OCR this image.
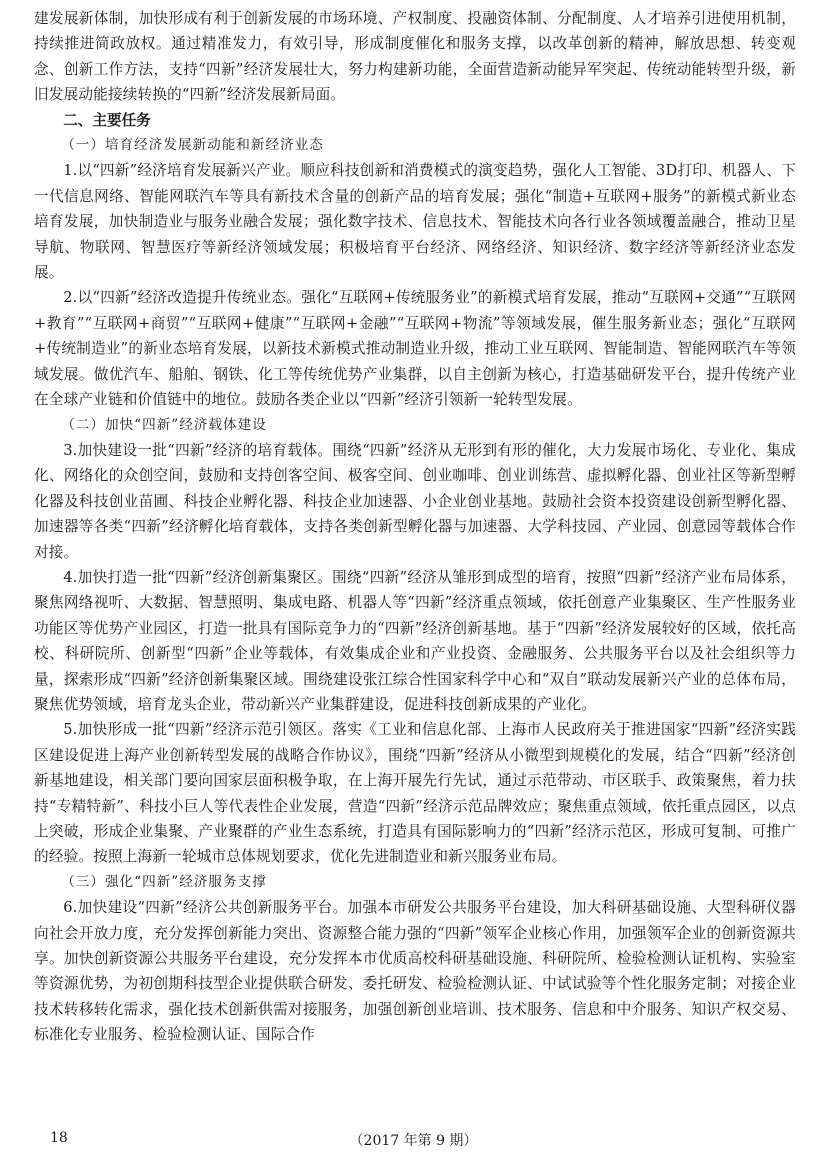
建发展新体制，加快形成有利于创新发展的市场环境、产权制度、投融资体制、分配制度、人才培养引进使用机制，持续推进简政放权。通过精准发力，有效引导，形成制度催化和服务支撑，以改革创新的精神，解放思想、转变观念、创新工作方法，支持“四新”经济发展壮大，努力构建新功能，全面营造新动能异军突起、传统动能转型升级，新旧发展动能接续转换的“四新”经济发展新局面。

二、主要任务

（一）培育经济发展新动能和新经济业态

1.以“四新”经济培育发展新兴产业。顺应科技创新和消费模式的演变趋势，强化人工智能、3D打印、机器人、下一代信息网络、智能网联汽车等具有新技术含量的创新产品的培育发展；强化“制造+互联网+服务”的新模式新业态培育发展，加快制造业与服务业融合发展；强化数字技术、信息技术、智能技术向各行业各领域覆盖融合，推动卫星导航、物联网、智慧医疗等新经济领域发展；积极培育平台经济、网络经济、知识经济、数字经济等新经济业态发展。

2.以“四新”经济改造提升传统业态。强化“互联网+传统服务业”的新模式培育发展，推动“互联网+交通”“互联网+教育”“互联网+商贸”“互联网+健康”“互联网+金融”“互联网+物流”等领域发展，催生服务新业态；强化“互联网+传统制造业”的新业态培育发展，以新技术新模式推动制造业升级，推动工业互联网、智能制造、智能网联汽车等领域发展。做优汽车、船舶、钢铁、化工等传统优势产业集群，以自主创新为核心，打造基础研发平台，提升传统产业在全球产业链和价值链中的地位。鼓励各类企业以“四新”经济引领新一轮转型发展。

（二）加快“四新”经济载体建设

3.加快建设一批“四新”经济的培育载体。围绕“四新”经济从无形到有形的催化，大力发展市场化、专业化、集成化、网络化的众创空间，鼓励和支持创客空间、极客空间、创业咖啡、创业训练营、虚拟孵化器、创业社区等新型孵化器及科技创业苗圃、科技企业孵化器、科技企业加速器、小企业创业基地。鼓励社会资本投资建设创新型孵化器、加速器等各类“四新”经济孵化培育载体，支持各类创新型孵化器与加速器、大学科技园、产业园、创意园等载体合作对接。

4.加快打造一批“四新”经济创新集聚区。围绕“四新”经济从雏形到成型的培育，按照“四新”经济产业布局体系，聚焦网络视听、大数据、智慧照明、集成电路、机器人等“四新”经济重点领域，依托创意产业集聚区、生产性服务业功能区等优势产业园区，打造一批具有国际竞争力的“四新”经济创新基地。基于“四新”经济发展较好的区域，依托高校、科研院所、创新型“四新”企业等载体，有效集成企业和产业投资、金融服务、公共服务平台以及社会组织等力量，探索形成“四新”经济创新集聚区域。围绕建设张江综合性国家科学中心和“双自”联动发展新兴产业的总体布局，聚焦优势领域，培育龙头企业，带动新兴产业集群建设，促进科技创新成果的产业化。

5.加快形成一批“四新”经济示范引领区。落实《工业和信息化部、上海市人民政府关于推进国家“四新”经济实践区建设促进上海产业创新转型发展的战略合作协议》，围绕“四新”经济从小微型到规模化的发展，结合“四新”经济创新基地建设，相关部门要向国家层面积极争取，在上海开展先行先试，通过示范带动、市区联手、政策聚焦，着力扶持“专精特新”、科技小巨人等代表性企业发展，营造“四新”经济示范品牌效应；聚焦重点领域，依托重点园区，以点上突破，形成企业集聚、产业聚群的产业生态系统，打造具有国际影响力的“四新”经济示范区，形成可复制、可推广的经验。按照上海新一轮城市总体规划要求，优化先进制造业和新兴服务业布局。

（三）强化“四新”经济服务支撑

6.加快建设“四新”经济公共创新服务平台。加强本市研发公共服务平台建设，加大科研基础设施、大型科研仪器向社会开放力度，充分发挥创新能力突出、资源整合能力强的“四新”领军企业核心作用，加强领军企业的创新资源共享。加快创新资源公共服务平台建设，充分发挥本市优质高校科研基础设施、科研院所、检验检测认证机构、实验室等资源优势，为初创期科技型企业提供联合研发、委托研发、检验检测认证、中试试验等个性化服务定制；对接企业技术转移转化需求，强化技术创新供需对接服务，加强创新创业培训、技术服务、信息和中介服务、知识产权交易、标准化专业服务、检验检测认证、国际合作

18	（2017 年第 9 期）
